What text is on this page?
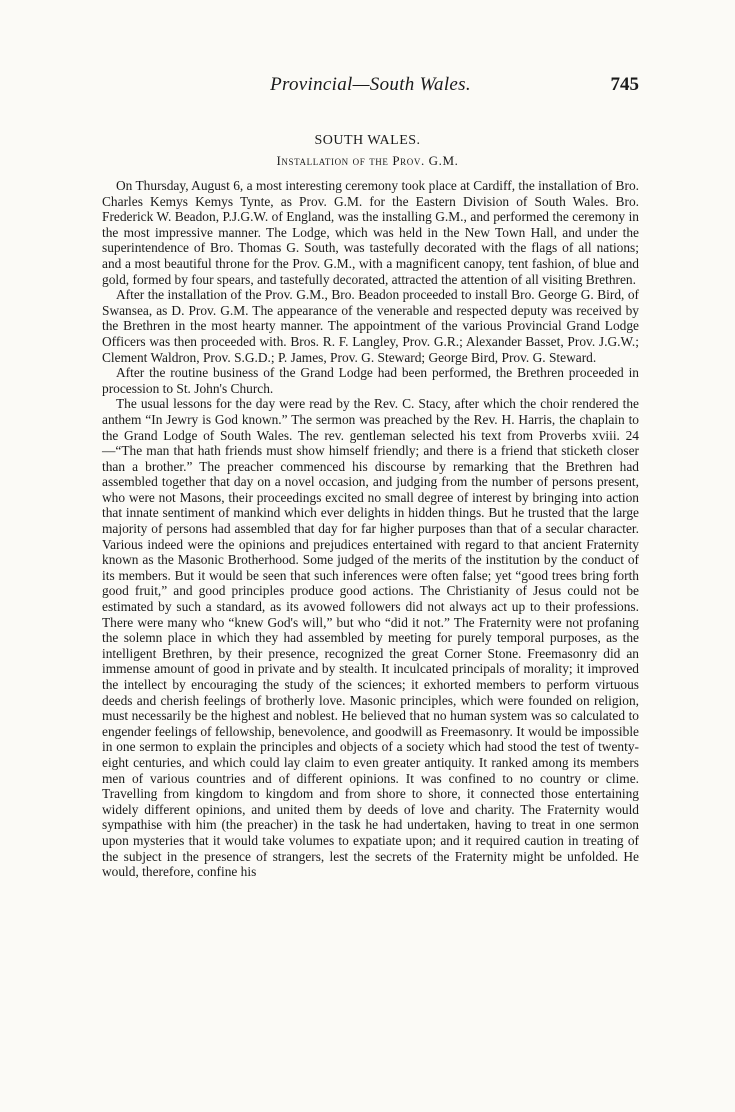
Provincial—South Wales.	745
SOUTH WALES.
Installation of the Prov. G.M.

On Thursday, August 6, a most interesting ceremony took place at Cardiff, the installation of Bro. Charles Kemys Kemys Tynte, as Prov. G.M. for the Eastern Division of South Wales. Bro. Frederick W. Beadon, P.J.G.W. of England, was the installing G.M., and performed the ceremony in the most impressive manner. The Lodge, which was held in the New Town Hall, and under the superintendence of Bro. Thomas G. South, was tastefully decorated with the flags of all nations; and a most beautiful throne for the Prov. G.M., with a magnificent canopy, tent fashion, of blue and gold, formed by four spears, and tastefully decorated, attracted the attention of all visiting Brethren.

After the installation of the Prov. G.M., Bro. Beadon proceeded to install Bro. George G. Bird, of Swansea, as D. Prov. G.M. The appearance of the venerable and respected deputy was received by the Brethren in the most hearty manner. The appointment of the various Provincial Grand Lodge Officers was then proceeded with. Bros. R. F. Langley, Prov. G.R.; Alexander Basset, Prov. J.G.W.; Clement Waldron, Prov. S.G.D.; P. James, Prov. G. Steward; George Bird, Prov. G. Steward.

After the routine business of the Grand Lodge had been performed, the Brethren proceeded in procession to St. John's Church.

The usual lessons for the day were read by the Rev. C. Stacy, after which the choir rendered the anthem “In Jewry is God known.” The sermon was preached by the Rev. H. Harris, the chaplain to the Grand Lodge of South Wales. The rev. gentleman selected his text from Proverbs xviii. 24—“The man that hath friends must show himself friendly; and there is a friend that sticketh closer than a brother.” The preacher commenced his discourse by remarking that the Brethren had assembled together that day on a novel occasion, and judging from the number of persons present, who were not Masons, their proceedings excited no small degree of interest by bringing into action that innate sentiment of mankind which ever delights in hidden things. But he trusted that the large majority of persons had assembled that day for far higher purposes than that of a secular character. Various indeed were the opinions and prejudices entertained with regard to that ancient Fraternity known as the Masonic Brotherhood. Some judged of the merits of the institution by the conduct of its members. But it would be seen that such inferences were often false; yet “good trees bring forth good fruit,” and good principles produce good actions. The Christianity of Jesus could not be estimated by such a standard, as its avowed followers did not always act up to their professions. There were many who “knew God's will,” but who “did it not.” The Fraternity were not profaning the solemn place in which they had assembled by meeting for purely temporal purposes, as the intelligent Brethren, by their presence, recognized the great Corner Stone. Freemasonry did an immense amount of good in private and by stealth. It inculcated principals of morality; it improved the intellect by encouraging the study of the sciences; it exhorted members to perform virtuous deeds and cherish feelings of brotherly love. Masonic principles, which were founded on religion, must necessarily be the highest and noblest. He believed that no human system was so calculated to engender feelings of fellowship, benevolence, and goodwill as Freemasonry. It would be impossible in one sermon to explain the principles and objects of a society which had stood the test of twenty-eight centuries, and which could lay claim to even greater antiquity. It ranked among its members men of various countries and of different opinions. It was confined to no country or clime. Travelling from kingdom to kingdom and from shore to shore, it connected those entertaining widely different opinions, and united them by deeds of love and charity. The Fraternity would sympathise with him (the preacher) in the task he had undertaken, having to treat in one sermon upon mysteries that it would take volumes to expatiate upon; and it required caution in treating of the subject in the presence of strangers, lest the secrets of the Fraternity might be unfolded. He would, therefore, confine his
